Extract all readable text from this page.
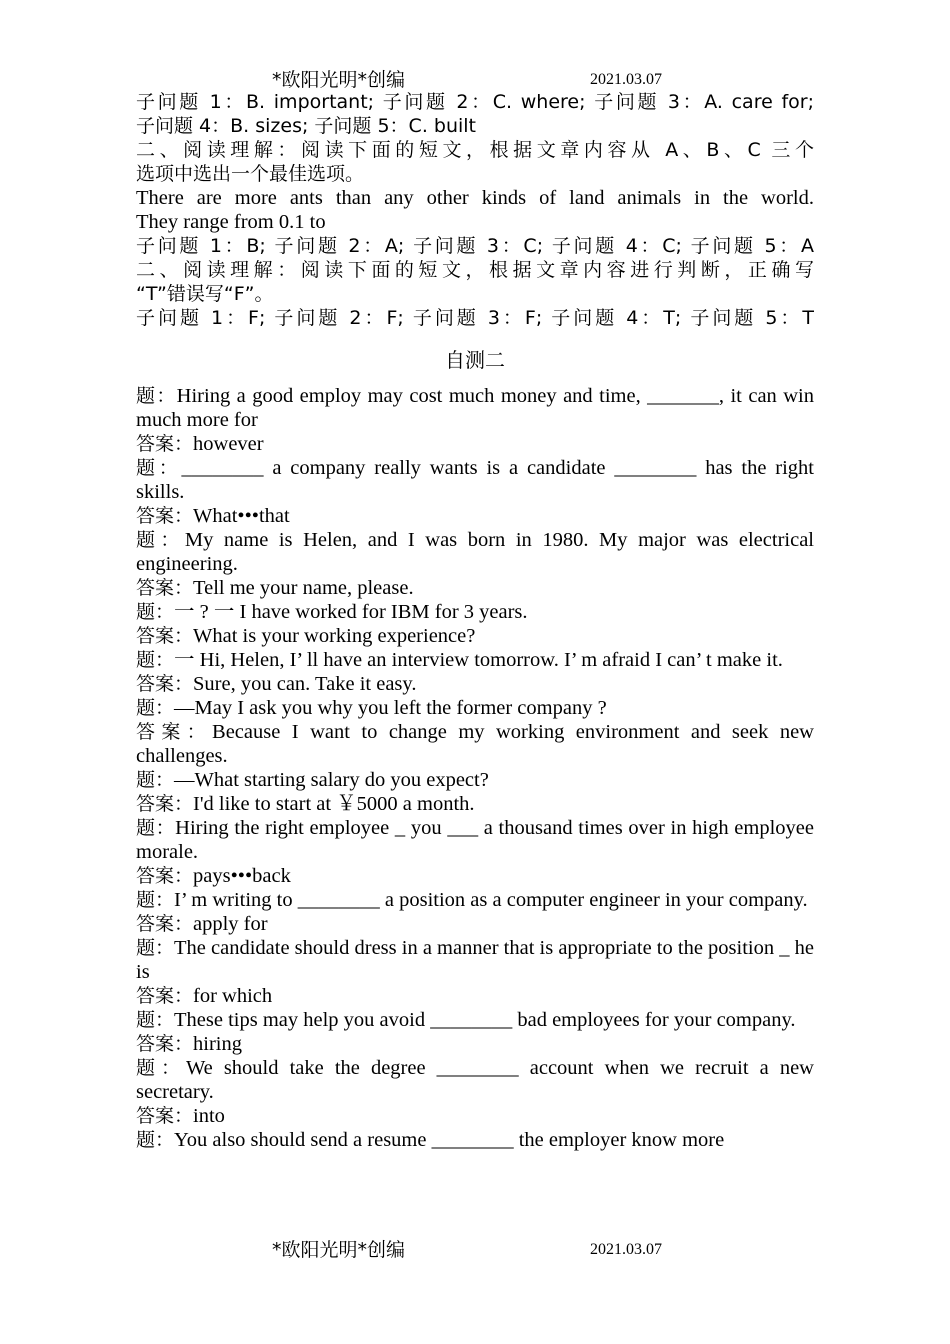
*欧阳光明*创编	2021.03.07
子问题 1：B. important; 子问题 2：C. where; 子问题 3：A. care for;
子问题 4：B. sizes; 子问题 5：C. built
二、阅读理解：阅读下面的短文，根据文章内容从 A、B、C 三个
选项中选出一个最佳选项。
There are more ants than any other kinds of land animals in the world.
They range from 0.1 to
子问题 1：B; 子问题 2：A; 子问题 3：C; 子问题 4：C; 子问题 5：A
二、阅读理解：阅读下面的短文，根据文章内容进行判断，正确写
“T”错误写“F”。
子问题 1：F; 子问题 2：F; 子问题 3：F; 子问题 4：T; 子问题 5：T
自测二
题：Hiring a good employ may cost much money and time, _______, it can win much more for
答案：however
题：________ a company really wants is a candidate ________ has the right skills.
答案：What•••that
题：My name is Helen, and I was born in 1980. My major was electrical engineering.
答案：Tell me your name, please.
题：一 ? 一 I have worked for IBM for 3 years.
答案：What is your working experience?
题：一 Hi, Helen, I’ ll have an interview tomorrow. I’ m afraid I can’ t make it.
答案：Sure, you can. Take it easy.
题：—May I ask you why you left the former company ?
答案：Because I want to change my working environment and seek new challenges.
题：—What starting salary do you expect?
答案：I'd like to start at ￥5000 a month.
题：Hiring the right employee _ you ___ a thousand times over in high employee morale.
答案：pays•••back
题：I’ m writing to ________ a position as a computer engineer in your company.
答案：apply for
题：The candidate should dress in a manner that is appropriate to the position _ he is
答案：for which
题：These tips may help you avoid ________ bad employees for your company.
答案：hiring
题：We should take the degree ________ account when we recruit a new secretary.
答案：into
题：You also should send a resume ________ the employer know more
*欧阳光明*创编	2021.03.07
